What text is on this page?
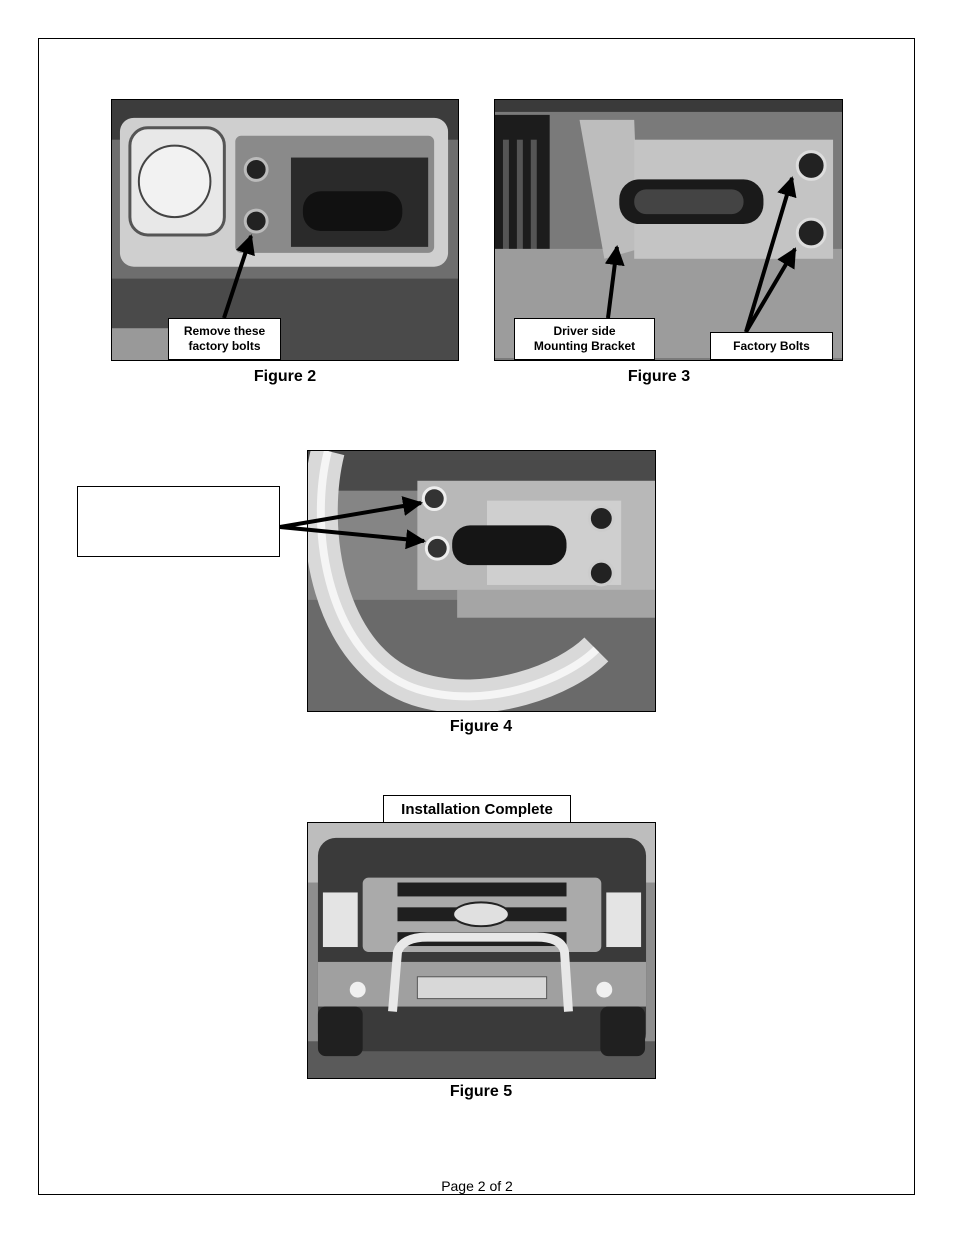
Remove these
factory bolts
Figure 2
Driver side
Mounting Bracket	Factory Bolts
Figure 3
Figure 4
Installation Complete
Figure 5
Page 2 of 2
